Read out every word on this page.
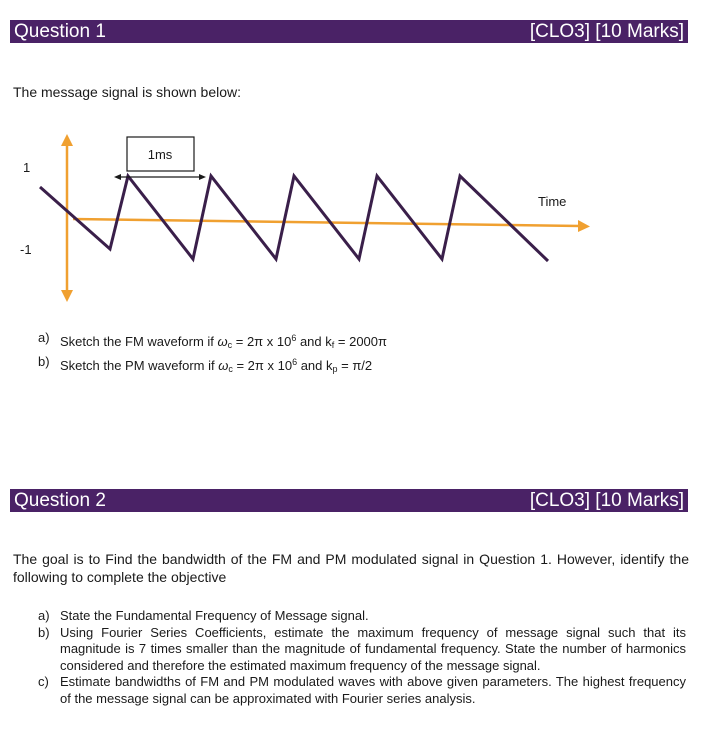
Question 1	[CLO3] [10 Marks]
The message signal is shown below:
1
-1
Time
1ms
a) Sketch the FM waveform if $\omega_c = 2\pi$ x $10^6$ and $k_f = 2000\pi$
b) Sketch the PM waveform if $\omega_c = 2\pi$ x $10^6$ and $k_p = \pi/2$
Question 2	[CLO3] [10 Marks]
The goal is to Find the bandwidth of the FM and PM modulated signal in Question 1. However, identify the following to complete the objective
a) State the Fundamental Frequency of Message signal.
b) Using Fourier Series Coefficients, estimate the maximum frequency of message signal such that its magnitude is 7 times smaller than the magnitude of fundamental frequency. State the number of harmonics considered and therefore the estimated maximum frequency of the message signal.
c) Estimate bandwidths of FM and PM modulated waves with above given parameters. The highest frequency of the message signal can be approximated with Fourier series analysis.
